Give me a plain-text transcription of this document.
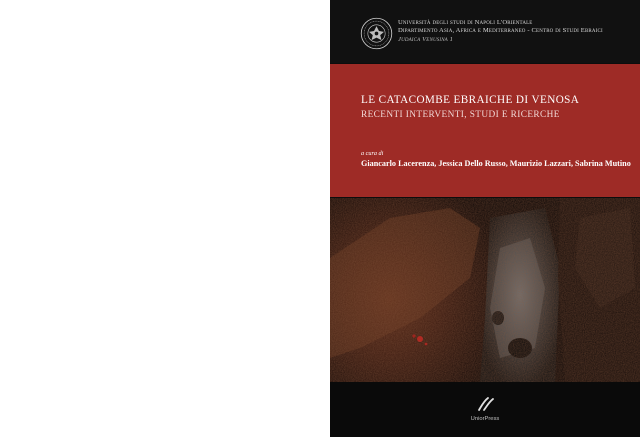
Università degli studi di Napoli L'Orientale
Dipartimento Asia, Africa e Mediterraneo - Centro di Studi Ebraici
Judaica Venusina 1
LE CATACOMBE EBRAICHE DI VENOSA
RECENTI INTERVENTI, STUDI E RICERCHE
a cura di
Giancarlo Lacerenza, Jessica Dello Russo, Maurizio Lazzari, Sabrina Mutino
UniorPress
